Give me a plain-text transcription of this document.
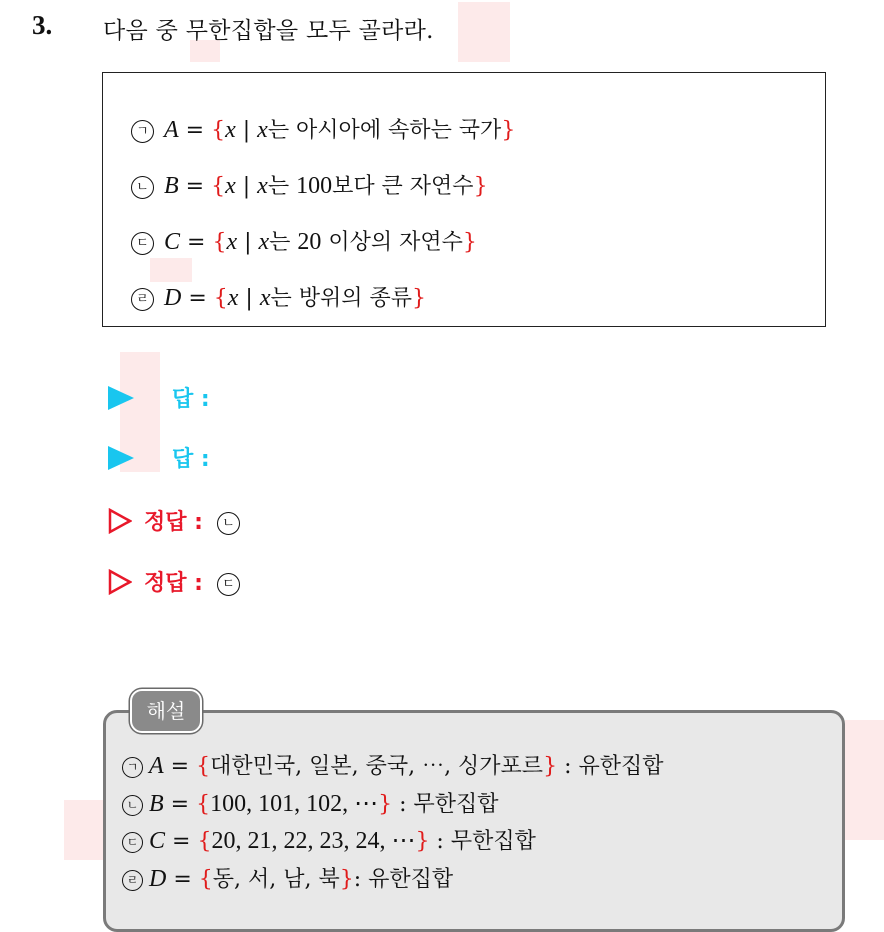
3. 다음 중 무한집합을 모두 골라라.
ㄱ A = {x | x는 아시아에 속하는 국가}
ㄴ B = {x | x는 100보다 큰 자연수}
ㄷ C = {x | x는 20 이상의 자연수}
ㄹ D = {x | x는 방위의 종류}
답 :
답 :
정답 : ㄴ
정답 : ㄷ
해설
ㄱ A = {대한민국, 일본, 중국, ⋯, 싱가포르} : 유한집합
ㄴ B = {100, 101, 102, ⋯} : 무한집합
ㄷ C = {20, 21, 22, 23, 24, ⋯} : 무한집합
ㄹ D = {동, 서, 남, 북}: 유한집합
